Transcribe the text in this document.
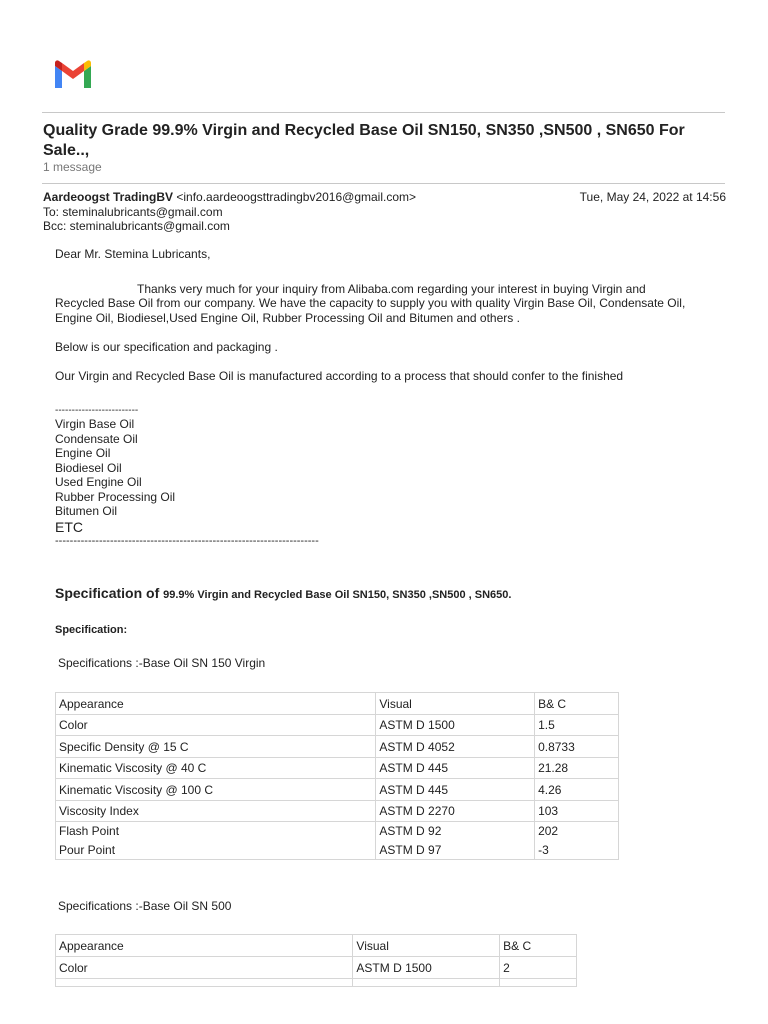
Quality Grade 99.9% Virgin and Recycled Base Oil SN150, SN350 ,SN500 , SN650 For Sale..,
1 message
Aardeoogst TradingBV <info.aardeoogsttradingbv2016@gmail.com>	Tue, May 24, 2022 at 14:56
To: steminalubricants@gmail.com
Bcc: steminalubricants@gmail.com

Dear Mr. Stemina Lubricants,

Thanks very much for your inquiry from Alibaba.com regarding your interest in buying Virgin and

Recycled Base Oil from our company. We have the capacity to supply you with quality Virgin Base Oil, Condensate Oil,

Engine Oil, Biodiesel,Used Engine Oil, Rubber Processing Oil and Bitumen and others .

Below is our specification and packaging .

Our Virgin and Recycled Base Oil is manufactured according to a process that should confer to the finished

-------------------------

Virgin Base Oil

Condensate Oil

Engine Oil

Biodiesel Oil

Used Engine Oil

Rubber Processing Oil

Bitumen Oil

ETC

------------------------------------------------------------------------

Specification of 99.9% Virgin and Recycled Base Oil SN150, SN350 ,SN500 , SN650.
Specification:
Specifications :-Base Oil SN 150 Virgin
Appearance	Visual	B& C
Color	ASTM D 1500	1.5
Specific Density @ 15 C	ASTM D 4052	0.8733
Kinematic Viscosity @ 40 C	ASTM D 445	21.28
Kinematic Viscosity @ 100 C	ASTM D 445	4.26
Viscosity Index	ASTM D 2270	103
Flash Point	ASTM D 92	202
Pour Point	ASTM D 97	-3
Specifications :-Base Oil SN 500
Appearance	Visual	B& C
Color	ASTM D 1500	2
